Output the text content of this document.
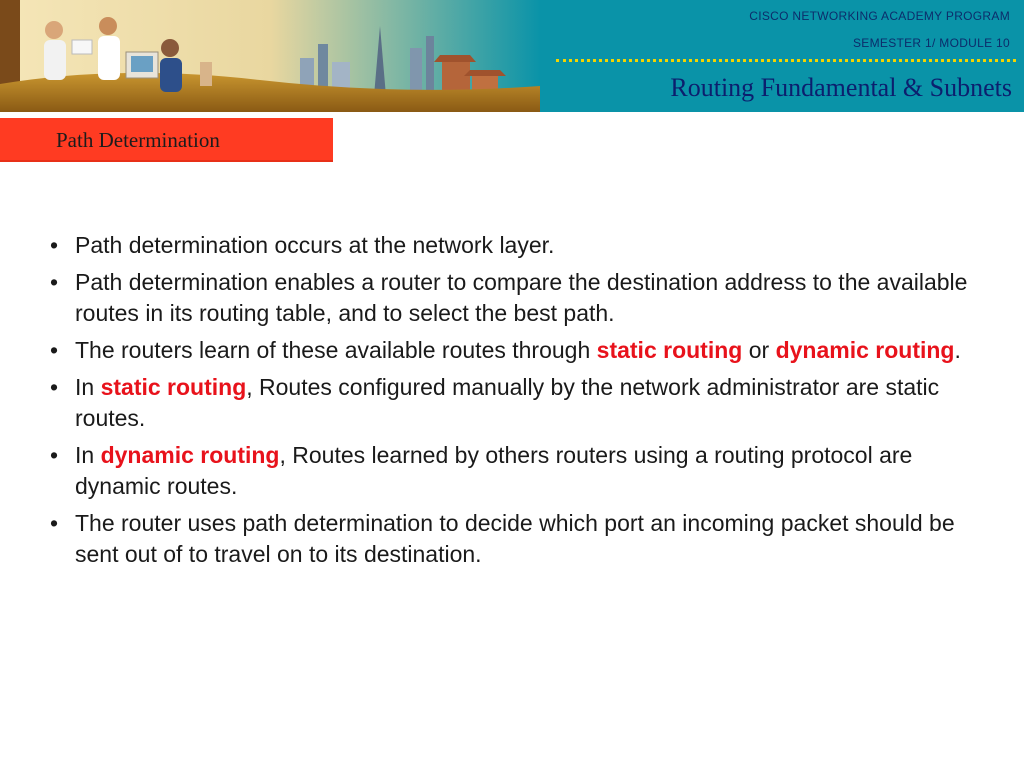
CISCO NETWORKING ACADEMY PROGRAM
SEMESTER 1/ MODULE 10
Routing Fundamental & Subnets
Path Determination
• Path determination occurs at the network layer.
• Path determination enables a router to compare the destination address to the available routes in its routing table, and to select the best path.
• The routers learn of these available routes through static routing or dynamic routing.
• In static routing, Routes configured manually by the network administrator are static routes.
• In dynamic routing, Routes learned by others routers using a routing protocol are dynamic routes.
• The router uses path determination to decide which port an incoming packet should be sent out of to travel on to its destination.
